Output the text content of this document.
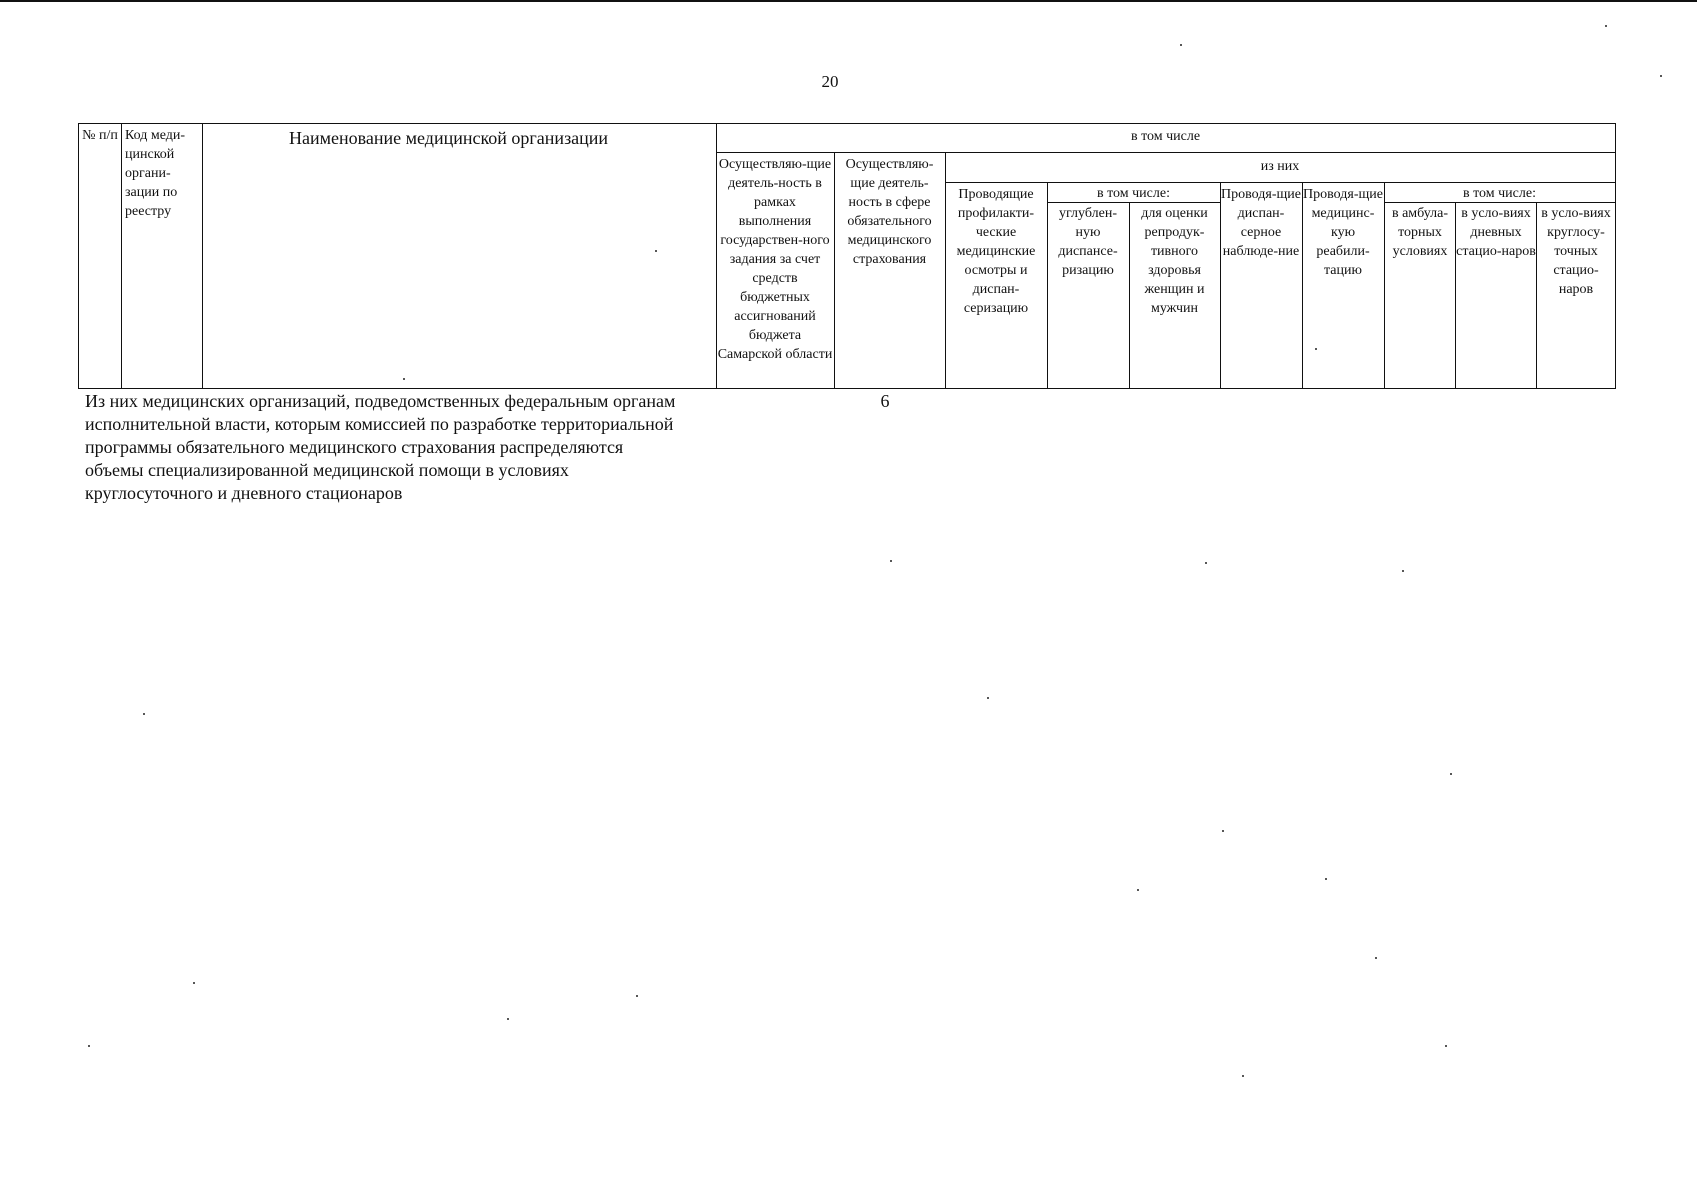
20
№ п/п Код меди-цинской органи-зации по реестру
Наименование медицинской организации	в том числе
Осуществляю-щие деятель-ность в рамках выполнения государствен-ного задания за счет средств бюджетных ассигнований бюджета Самарской области
Осуществляю-щие деятель-ность в сфере обязательного медицинского страхования
из них
Проводящие профилакти-ческие медицинские осмотры и диспан-серизацию
в том числе:
углублен-ную диспансе-ризацию
для оценки репродук-тивного здоровья женщин и мужчин
Проводя-щие диспан-серное наблюде-ние
Проводя-щие медицинс-кую реабили-тацию
в том числе:
в амбула-торных условиях
в усло-виях дневных стацио-наров
в усло-виях круглосу-точных стацио-наров
Из них медицинских организаций, подведомственных федеральным органам исполнительной власти, которым комиссией по разработке территориальной программы обязательного медицинского страхования распределяются объемы специализированной медицинской помощи в условиях круглосуточного и дневного стационаров
6
